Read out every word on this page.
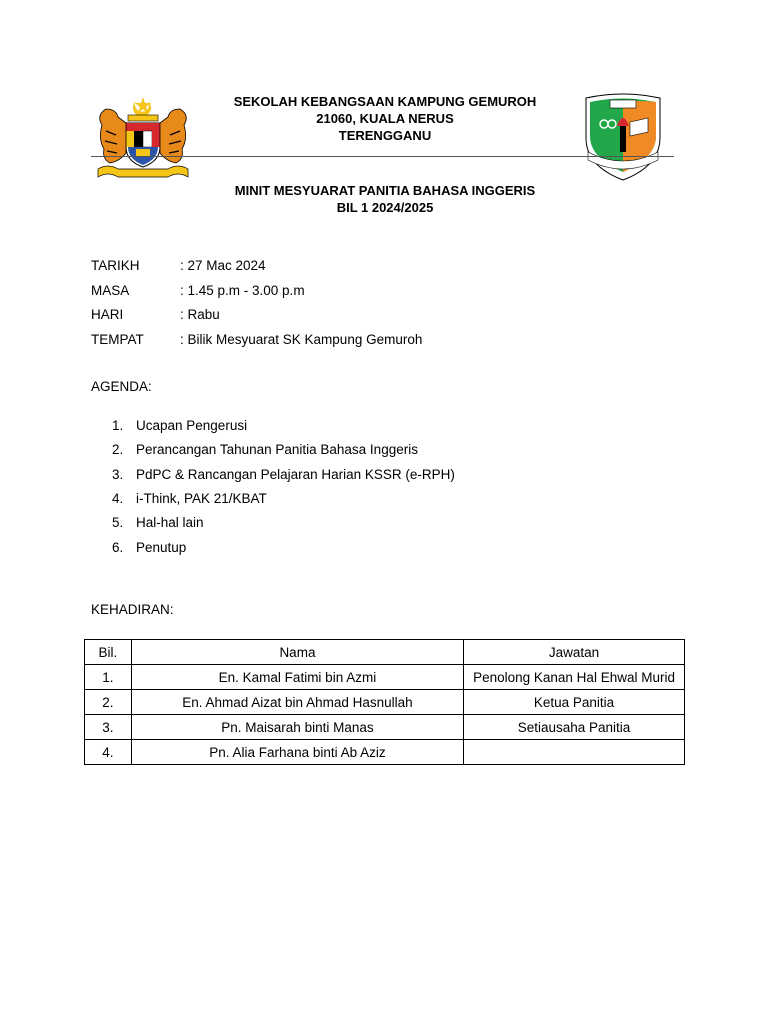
SEKOLAH KEBANGSAAN KAMPUNG GEMUROH
21060, KUALA NERUS
TERENGGANU
MINIT MESYUARAT PANITIA BAHASA INGGERIS
BIL 1 2024/2025
TARIKH	: 27 Mac 2024
MASA	: 1.45 p.m - 3.00 p.m
HARI	: Rabu
TEMPAT	: Bilik Mesyuarat SK Kampung Gemuroh
AGENDA:
1. Ucapan Pengerusi
2. Perancangan Tahunan Panitia Bahasa Inggeris
3. PdPC & Rancangan Pelajaran Harian KSSR (e-RPH)
4. i-Think, PAK 21/KBAT
5. Hal-hal lain
6. Penutup
KEHADIRAN:
Bil.	Nama	Jawatan
1.	En. Kamal Fatimi bin Azmi	Penolong Kanan Hal Ehwal Murid
2.	En. Ahmad Aizat bin Ahmad Hasnullah	Ketua Panitia
3.	Pn. Maisarah binti Manas	Setiausaha Panitia
4.	Pn. Alia Farhana binti Ab Aziz	
